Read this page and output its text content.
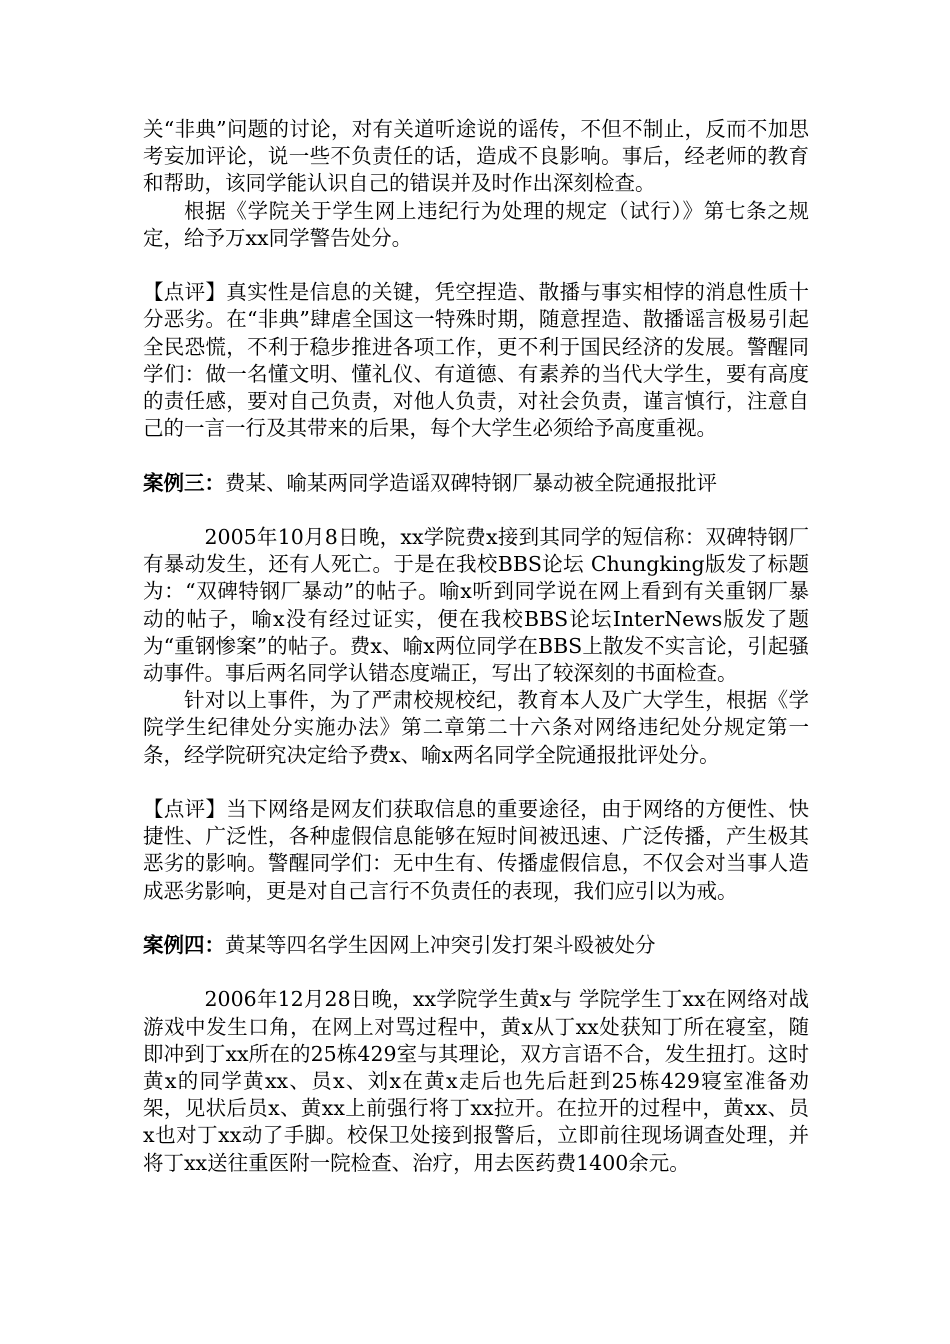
关“非典”问题的讨论，对有关道听途说的谣传，不但不制止，反而不加思考妄加评论，说一些不负责任的话，造成不良影响。事后，经老师的教育和帮助，该同学能认识自己的错误并及时作出深刻检查。

根据《学院关于学生网上违纪行为处理的规定（试行）》第七条之规定，给予万xx同学警告处分。

【点评】真实性是信息的关键，凭空捏造、散播与事实相悖的消息性质十分恶劣。在“非典”肆虐全国这一特殊时期，随意捏造、散播谣言极易引起全民恐慌，不利于稳步推进各项工作，更不利于国民经济的发展。警醒同学们：做一名懂文明、懂礼仪、有道德、有素养的当代大学生，要有高度的责任感，要对自己负责，对他人负责，对社会负责，谨言慎行，注意自己的一言一行及其带来的后果，每个大学生必须给予高度重视。

案例三：费某、喻某两同学造谣双碑特钢厂暴动被全院通报批评

2005年10月8日晚，xx学院费x接到其同学的短信称：双碑特钢厂有暴动发生，还有人死亡。于是在我校BBS论坛 Chungking版发了标题为：“双碑特钢厂暴动”的帖子。喻x听到同学说在网上看到有关重钢厂暴动的帖子，喻x没有经过证实，便在我校BBS论坛InterNews版发了题为“重钢惨案”的帖子。费x、喻x两位同学在BBS上散发不实言论，引起骚动事件。事后两名同学认错态度端正，写出了较深刻的书面检查。

针对以上事件，为了严肃校规校纪，教育本人及广大学生，根据《学院学生纪律处分实施办法》第二章第二十六条对网络违纪处分规定第一条，经学院研究决定给予费x、喻x两名同学全院通报批评处分。

【点评】当下网络是网友们获取信息的重要途径，由于网络的方便性、快捷性、广泛性，各种虚假信息能够在短时间被迅速、广泛传播，产生极其恶劣的影响。警醒同学们：无中生有、传播虚假信息，不仅会对当事人造成恶劣影响，更是对自己言行不负责任的表现，我们应引以为戒。

案例四：黄某等四名学生因网上冲突引发打架斗殴被处分

2006年12月28日晚，xx学院学生黄x与 学院学生丁xx在网络对战游戏中发生口角，在网上对骂过程中，黄x从丁xx处获知丁所在寝室，随即冲到丁xx所在的25栋429室与其理论，双方言语不合，发生扭打。这时黄x的同学黄xx、员x、刘x在黄x走后也先后赶到25栋429寝室准备劝架，见状后员x、黄xx上前强行将丁xx拉开。在拉开的过程中，黄xx、员x也对丁xx动了手脚。校保卫处接到报警后，立即前往现场调查处理，并将丁xx送往重医附一院检查、治疗，用去医药费1400余元。
